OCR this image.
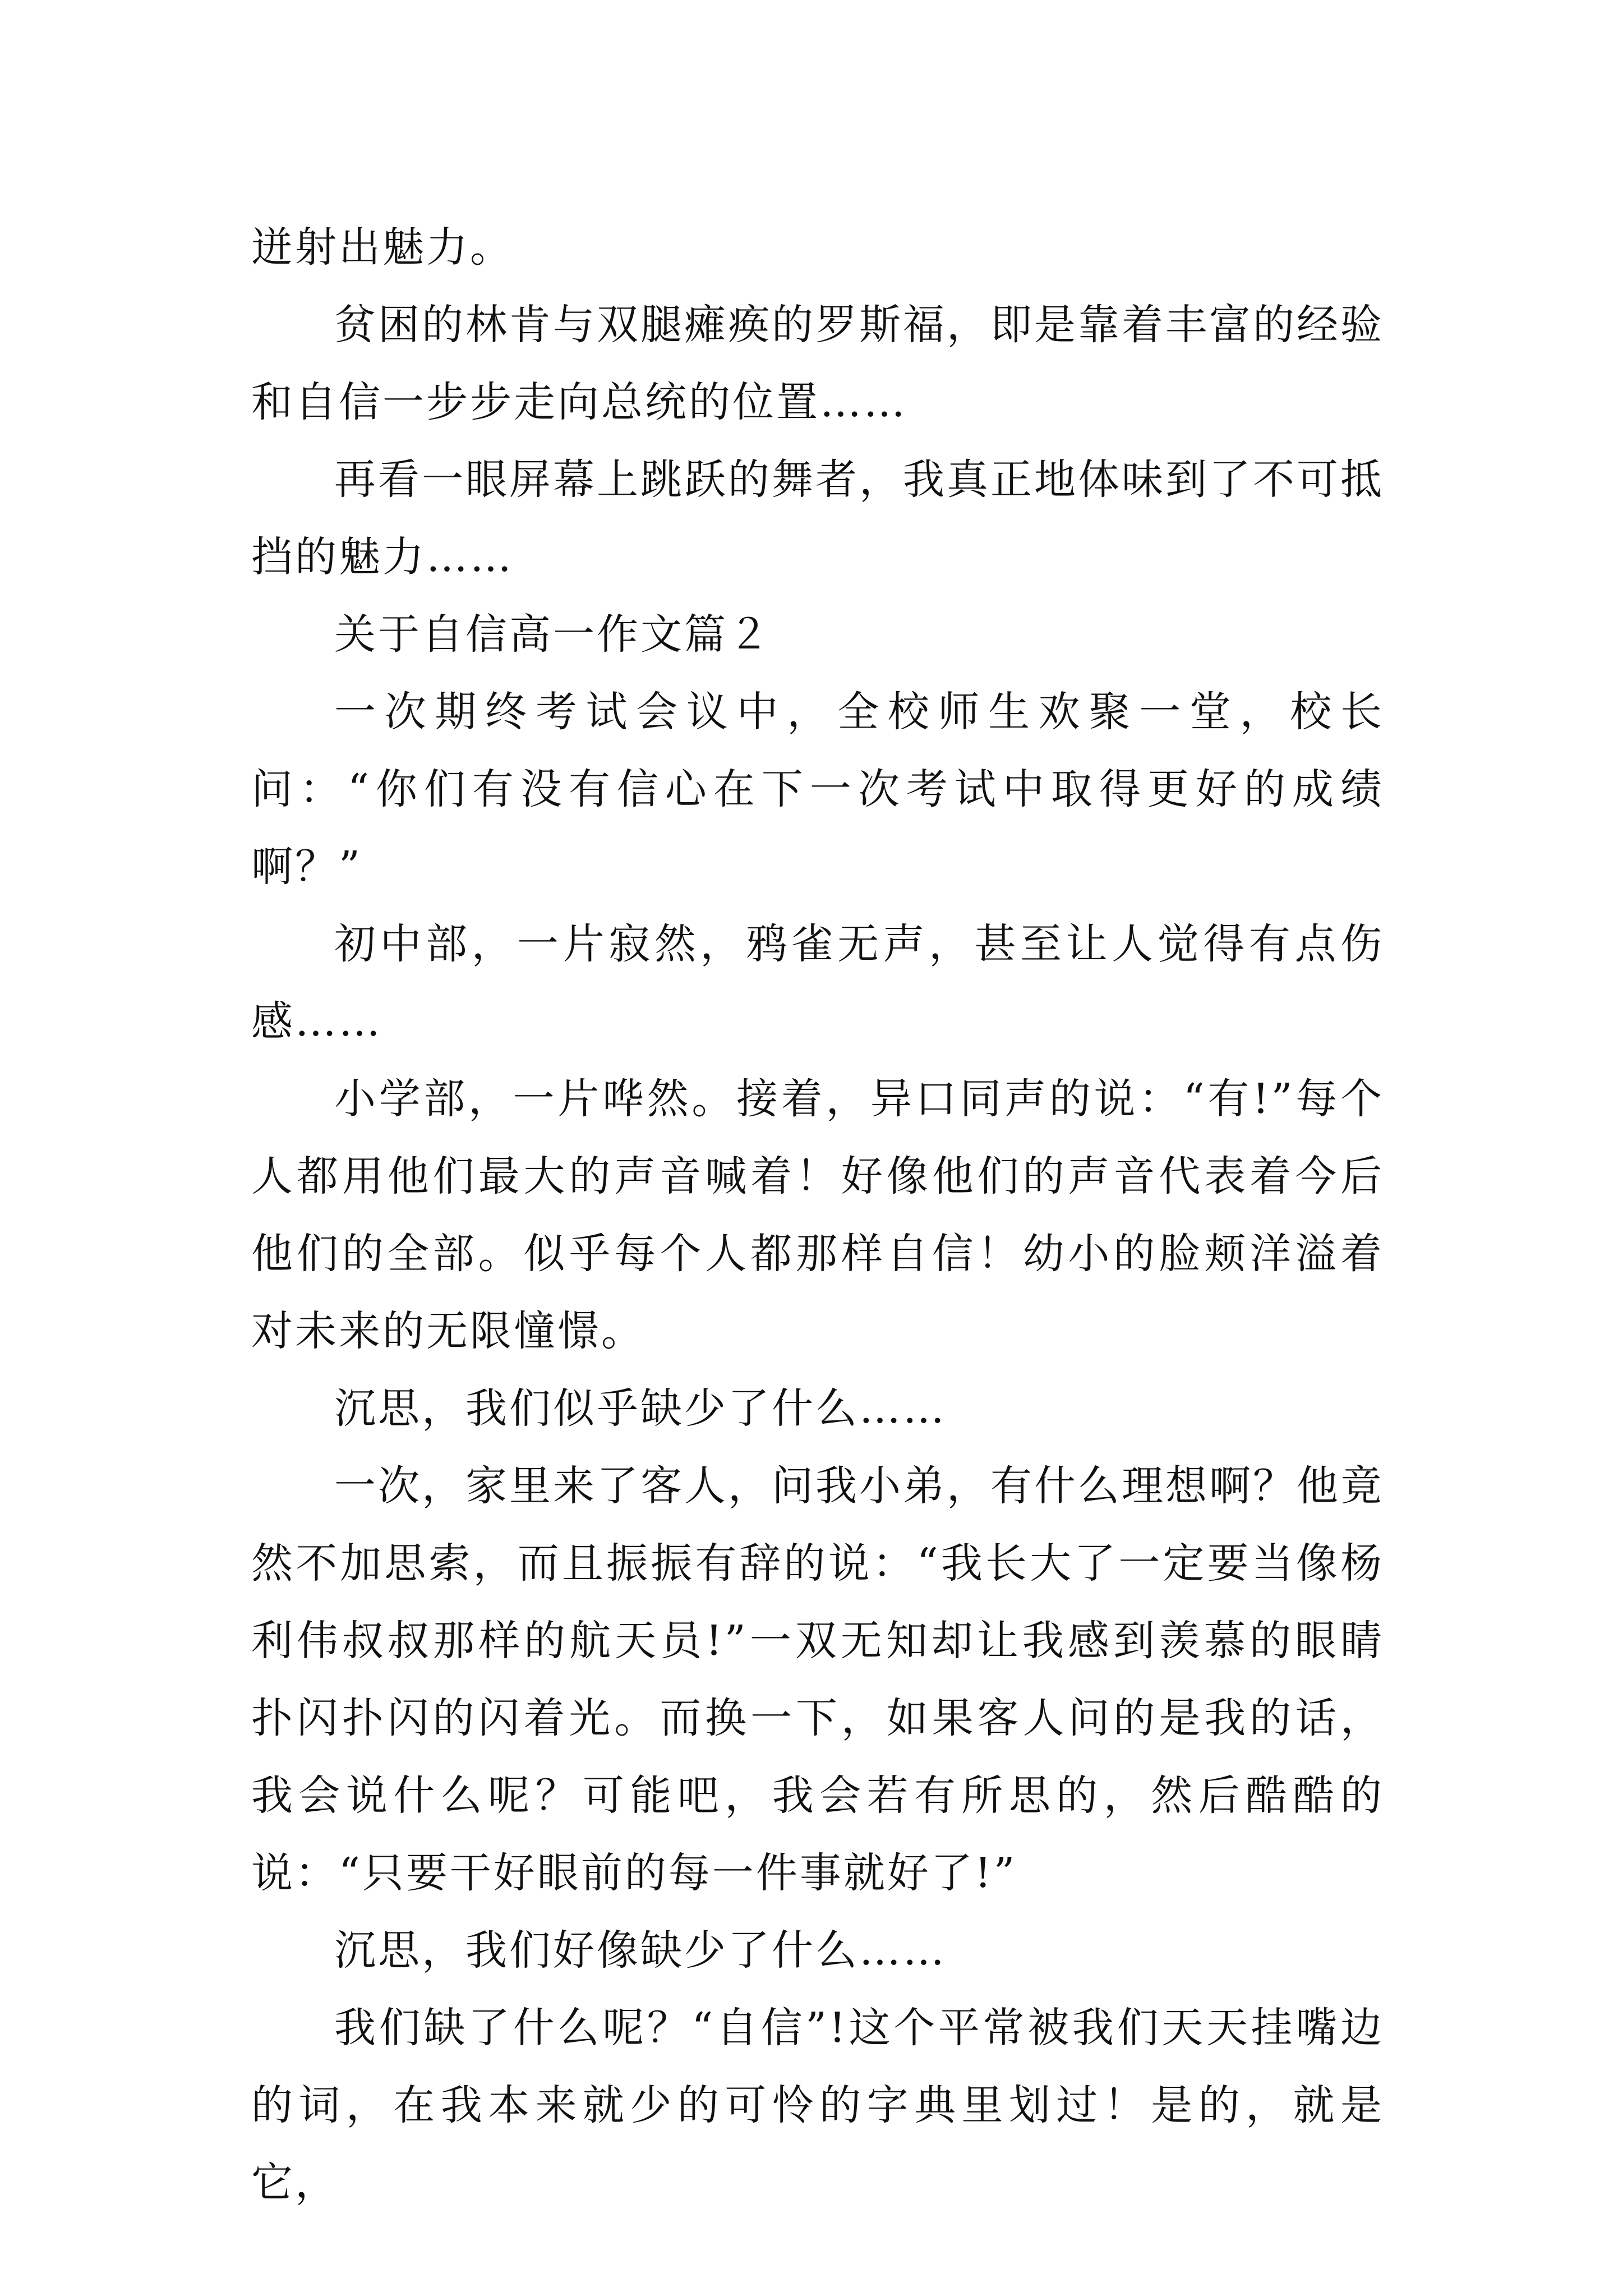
迸射出魅力。

贫困的林肯与双腿瘫痪的罗斯福，即是靠着丰富的经验和自信一步步走向总统的位置……

再看一眼屏幕上跳跃的舞者，我真正地体味到了不可抵挡的魅力……

关于自信高一作文篇２

一次期终考试会议中，全校师生欢聚一堂，校长问：“你们有没有信心在下一次考试中取得更好的成绩啊？”

初中部，一片寂然，鸦雀无声，甚至让人觉得有点伤感……

小学部，一片哗然。接着，异口同声的说：“有!”每个人都用他们最大的声音喊着！好像他们的声音代表着今后他们的全部。似乎每个人都那样自信！幼小的脸颊洋溢着对未来的无限憧憬。

沉思，我们似乎缺少了什么……

一次，家里来了客人，问我小弟，有什么理想啊？他竟然不加思索，而且振振有辞的说：“我长大了一定要当像杨利伟叔叔那样的航天员!”一双无知却让我感到羡慕的眼睛扑闪扑闪的闪着光。而换一下，如果客人问的是我的话，我会说什么呢？可能吧，我会若有所思的，然后酷酷的说：“只要干好眼前的每一件事就好了!”

沉思，我们好像缺少了什么……

我们缺了什么呢？“自信”!这个平常被我们天天挂嘴边的词，在我本来就少的可怜的字典里划过！是的，就是它，
